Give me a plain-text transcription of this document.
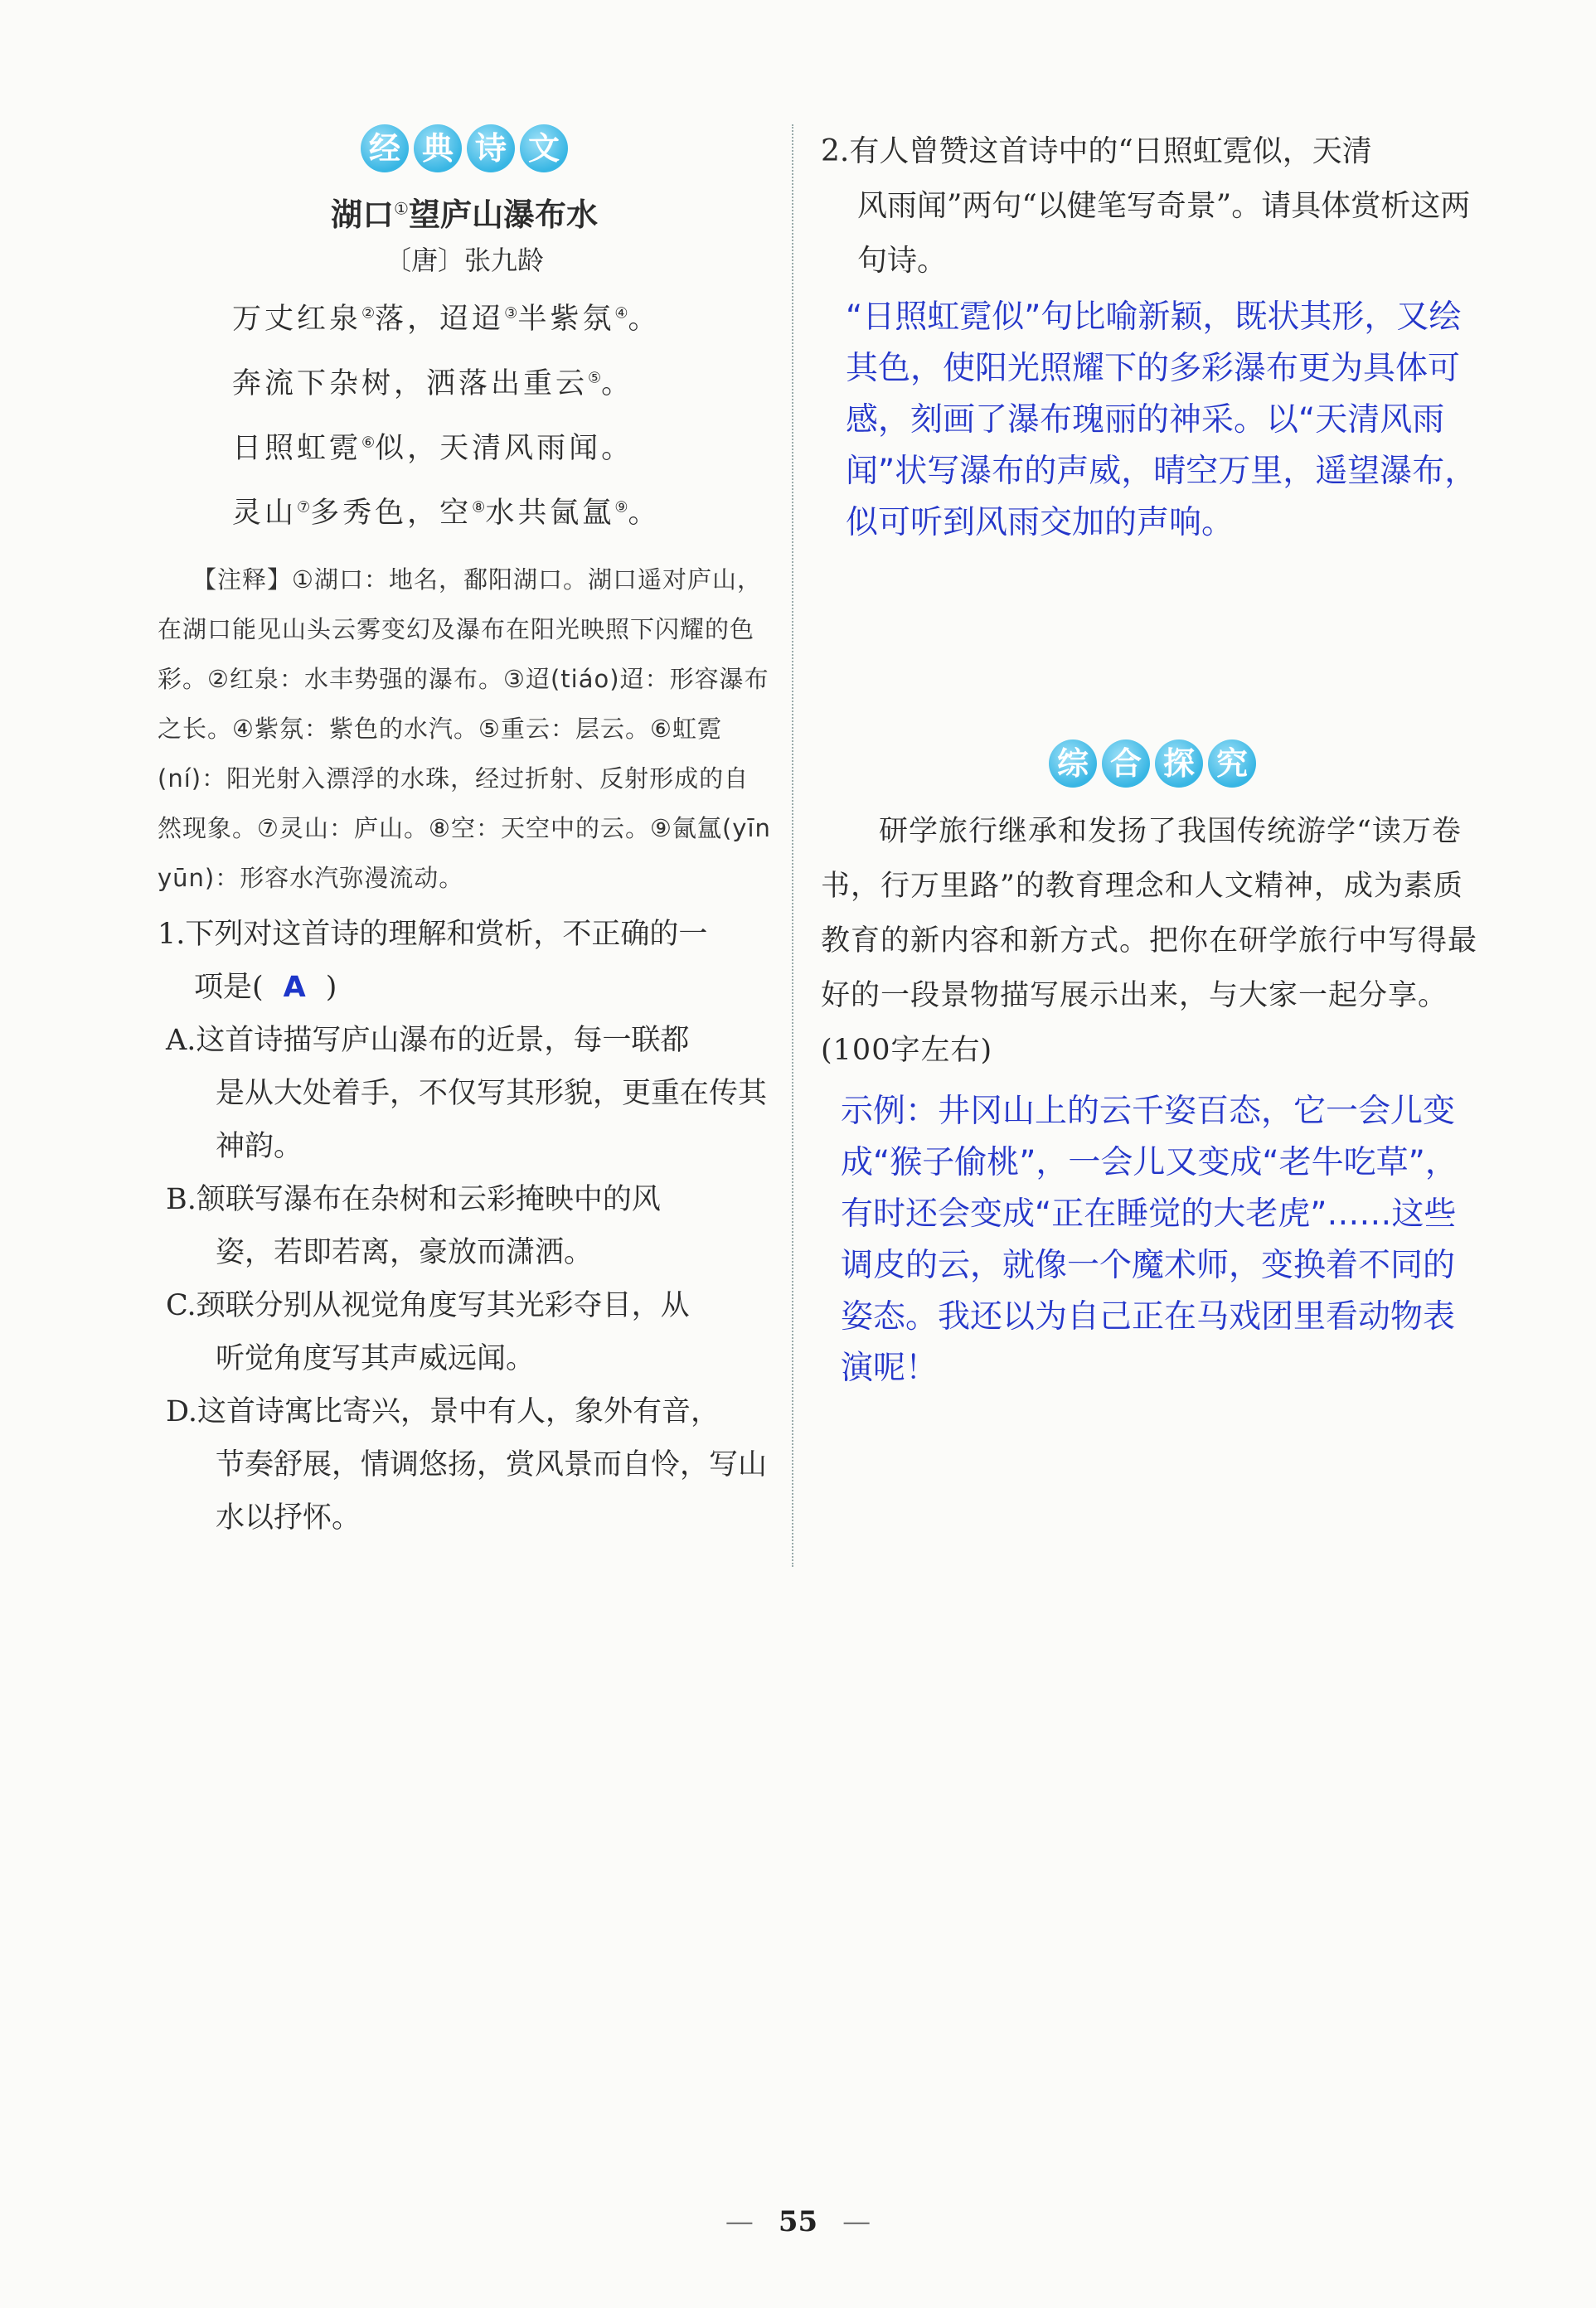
经 典 诗 文
湖口①望庐山瀑布水
〔唐〕张九龄
万丈红泉②落，迢迢③半紫氛④。
奔流下杂树，洒落出重云⑤。
日照虹霓⑥似，天清风雨闻。
灵山⑦多秀色，空⑧水共氤氲⑨。
【注释】①湖口：地名，鄱阳湖口。湖口遥对庐山，在湖口能见山头云雾变幻及瀑布在阳光映照下闪耀的色彩。②红泉：水丰势强的瀑布。③迢(tiáo)迢：形容瀑布之长。④紫氛：紫色的水汽。⑤重云：层云。⑥虹霓(ní)：阳光射入漂浮的水珠，经过折射、反射形成的自然现象。⑦灵山：庐山。⑧空：天空中的云。⑨氤氲(yīn yūn)：形容水汽弥漫流动。
1.下列对这首诗的理解和赏析，不正确的一
项是( A )
A.这首诗描写庐山瀑布的近景，每一联都
是从大处着手，不仅写其形貌，更重在传其神韵。
B.颔联写瀑布在杂树和云彩掩映中的风
姿，若即若离，豪放而潇洒。
C.颈联分别从视觉角度写其光彩夺目，从
听觉角度写其声威远闻。
D.这首诗寓比寄兴，景中有人，象外有音，
节奏舒展，情调悠扬，赏风景而自怜，写山水以抒怀。
2.有人曾赞这首诗中的“日照虹霓似，天清
风雨闻”两句“以健笔写奇景”。请具体赏析这两句诗。
“日照虹霓似”句比喻新颖，既状其形，又绘其色，使阳光照耀下的多彩瀑布更为具体可感，刻画了瀑布瑰丽的神采。以“天清风雨闻”状写瀑布的声威，晴空万里，遥望瀑布，似可听到风雨交加的声响。
综 合 探 究
研学旅行继承和发扬了我国传统游学“读万卷书，行万里路”的教育理念和人文精神，成为素质教育的新内容和新方式。把你在研学旅行中写得最好的一段景物描写展示出来，与大家一起分享。(100字左右)
示例：井冈山上的云千姿百态，它一会儿变成“猴子偷桃”，一会儿又变成“老牛吃草”，有时还会变成“正在睡觉的大老虎”……这些调皮的云，就像一个魔术师，变换着不同的姿态。我还以为自己正在马戏团里看动物表演呢！
— 55 —
